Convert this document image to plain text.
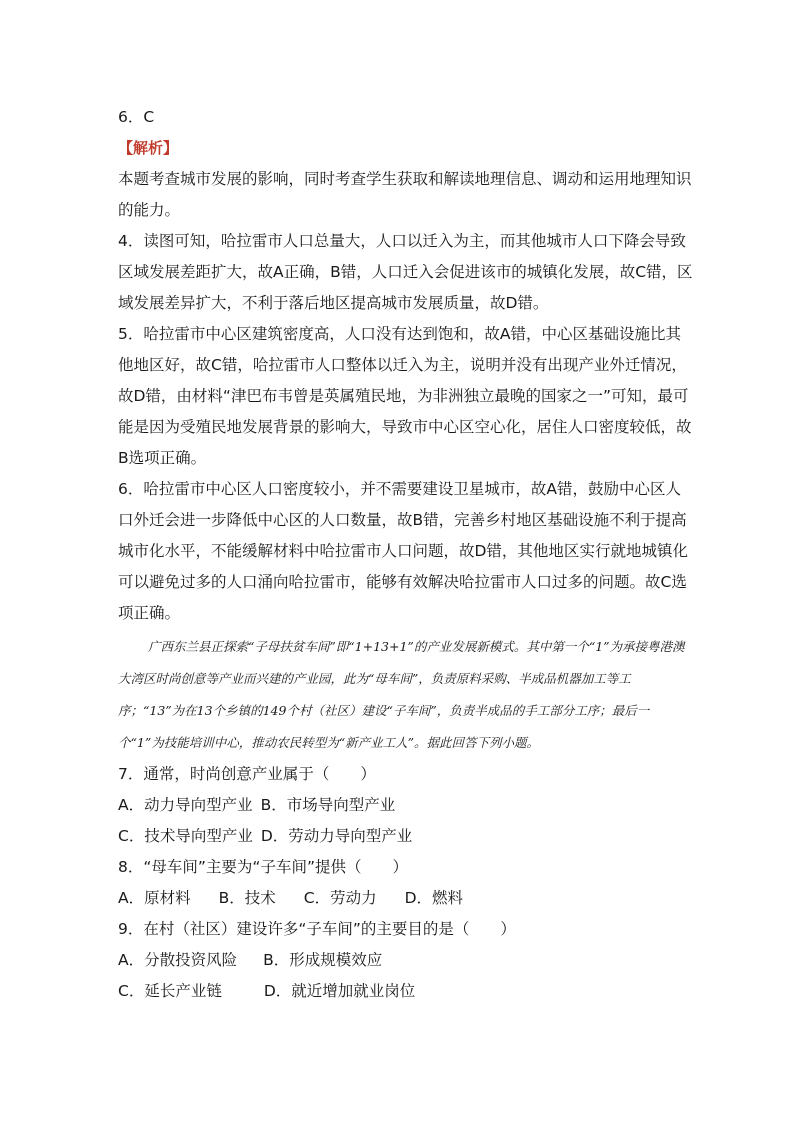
6．C

【解析】

本题考查城市发展的影响，同时考查学生获取和解读地理信息、调动和运用地理知识的能力。

4．读图可知，哈拉雷市人口总量大，人口以迁入为主，而其他城市人口下降会导致区域发展差距扩大，故A正确，B错，人口迁入会促进该市的城镇化发展，故C错，区域发展差异扩大，不利于落后地区提高城市发展质量，故D错。

5．哈拉雷市中心区建筑密度高，人口没有达到饱和，故A错，中心区基础设施比其他地区好，故C错，哈拉雷市人口整体以迁入为主，说明并没有出现产业外迁情况，故D错，由材料“津巴布韦曾是英属殖民地，为非洲独立最晚的国家之一”可知，最可能是因为受殖民地发展背景的影响大，导致市中心区空心化，居住人口密度较低，故B选项正确。

6．哈拉雷市中心区人口密度较小，并不需要建设卫星城市，故A错，鼓励中心区人口外迁会进一步降低中心区的人口数量，故B错，完善乡村地区基础设施不利于提高城市化水平，不能缓解材料中哈拉雷市人口问题，故D错，其他地区实行就地城镇化可以避免过多的人口涌向哈拉雷市，能够有效解决哈拉雷市人口过多的问题。故C选项正确。

广西东兰县正探索“子母扶贫车间”即“1+13+1”的产业发展新模式。其中第一个“1”为承接粤港澳大湾区时尚创意等产业而兴建的产业园，此为“母车间”，负责原料采购、半成品机器加工等工序；“13”为在13个乡镇的149个村（社区）建设“子车间”，负责半成品的手工部分工序；最后一个“1”为技能培训中心，推动农民转型为“新产业工人”。据此回答下列小题。

7．通常，时尚创意产业属于（　　）

A．动力导向型产业 B．市场导向型产业

C．技术导向型产业 D．劳动力导向型产业

8．“母车间”主要为“子车间”提供（　　）

A．原材料 B．技术 C．劳动力 D．燃料

9．在村（社区）建设许多“子车间”的主要目的是（　　）

A．分散投资风险 B．形成规模效应

C．延长产业链	D．就近增加就业岗位
